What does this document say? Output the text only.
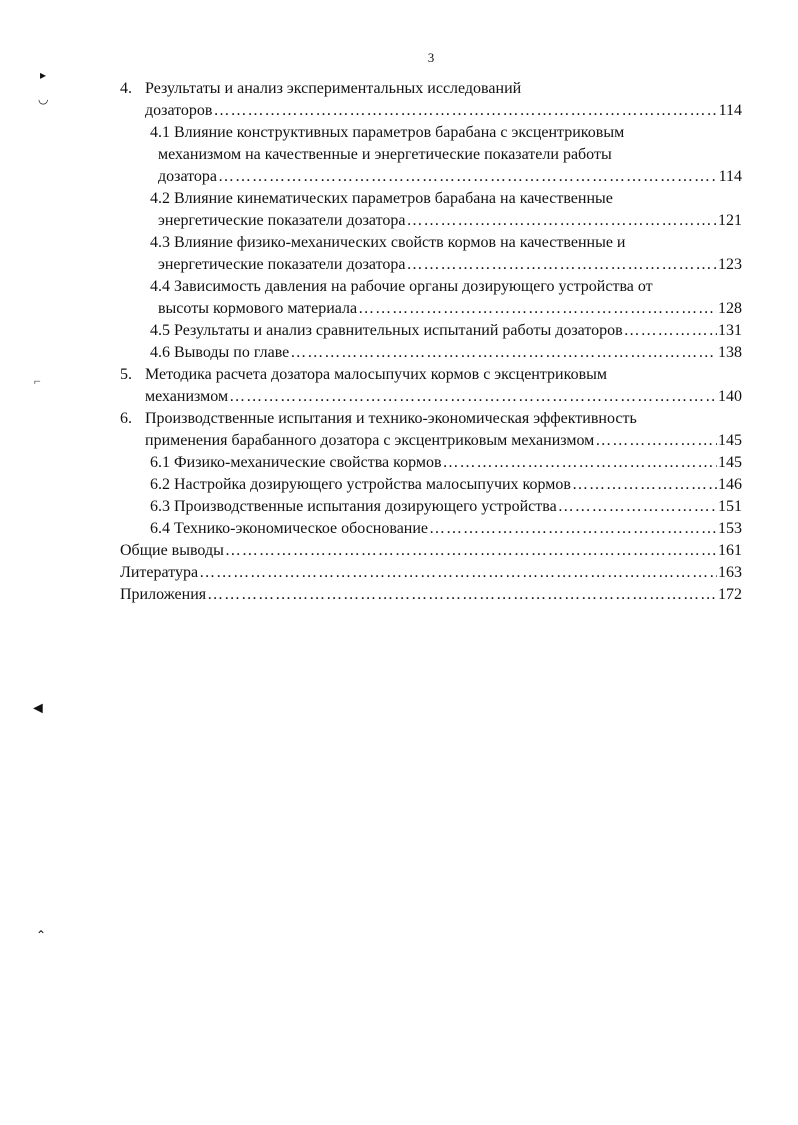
3
▸
◡
⌐
◄
⌃
4. Результаты и анализ экспериментальных исследований
дозаторов ………………………………………………………………………………………………………………………………………………………………………	114
4.1 Влияние конструктивных параметров барабана с эксцентриковым
механизмом на качественные и энергетические показатели работы
дозатора ………………………………………………………………………………………………………………………………………………………………………	114
4.2 Влияние кинематических параметров барабана на качественные
энергетические показатели дозатора ………………………………………………………………………………………………………………………………………………………………………	121
4.3 Влияние физико-механических свойств кормов на качественные и
энергетические показатели дозатора ………………………………………………………………………………………………………………………………………………………………………	123
4.4 Зависимость давления на рабочие органы дозирующего устройства от
высоты кормового материала ………………………………………………………………………………………………………………………………………………………………………	128
4.5 Результаты и анализ сравнительных испытаний работы дозаторов ………………………………………………………………………………………………………………………………………………………………………	131
4.6 Выводы по главе ………………………………………………………………………………………………………………………………………………………………………	138
5. Методика расчета дозатора малосыпучих кормов с эксцентриковым
механизмом ………………………………………………………………………………………………………………………………………………………………………	140
6. Производственные испытания и технико-экономическая эффективность
применения барабанного дозатора с эксцентриковым механизмом ………………………………………………………………………………………………………………………………………………………………………	145
6.1 Физико-механические свойства кормов ………………………………………………………………………………………………………………………………………………………………………	145
6.2 Настройка дозирующего устройства малосыпучих кормов ………………………………………………………………………………………………………………………………………………………………………	146
6.3 Производственные испытания дозирующего устройства ………………………………………………………………………………………………………………………………………………………………………	151
6.4 Технико-экономическое обоснование ………………………………………………………………………………………………………………………………………………………………………	153
Общие выводы ………………………………………………………………………………………………………………………………………………………………………	161
Литература ………………………………………………………………………………………………………………………………………………………………………	163
Приложения ………………………………………………………………………………………………………………………………………………………………………	172
